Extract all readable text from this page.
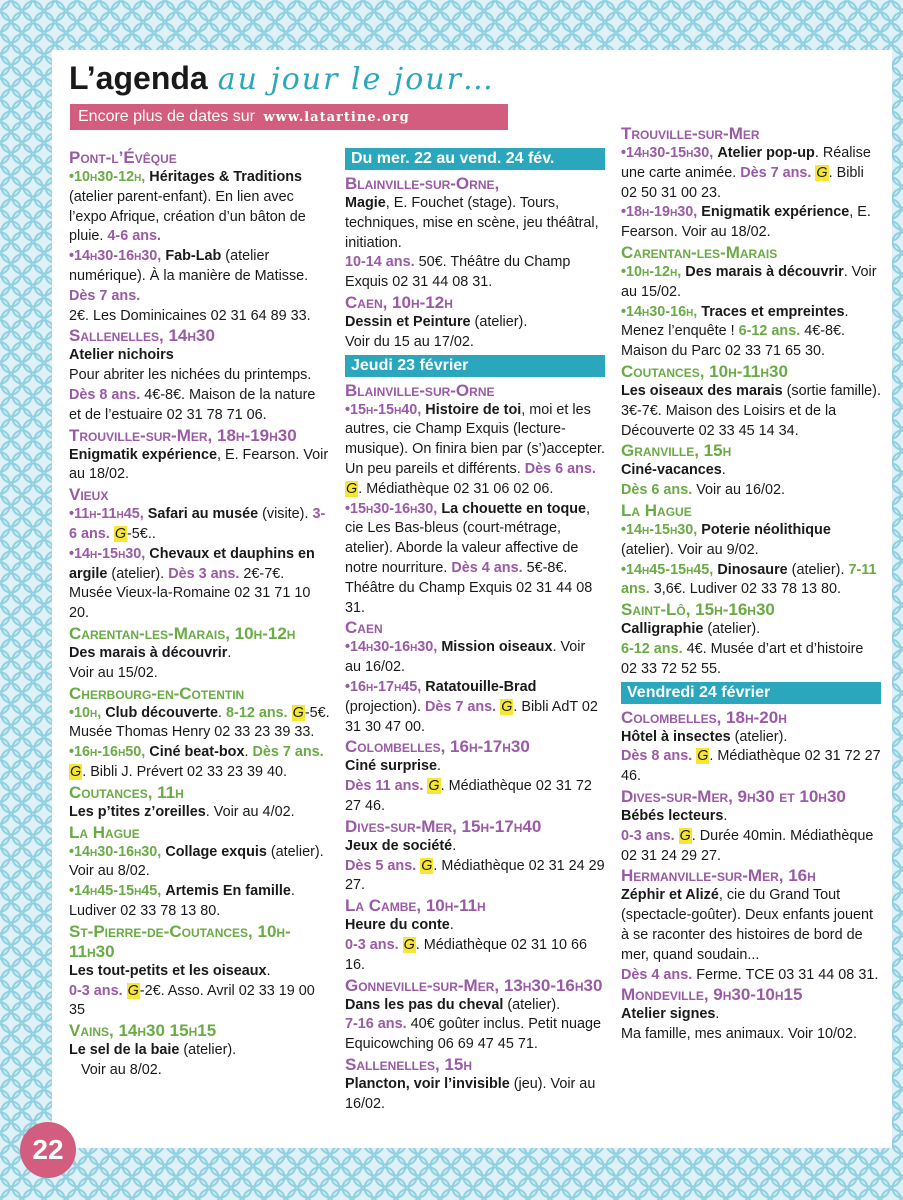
L’agenda au jour le jour…
Encore plus de dates sur www.latartine.org
Pont-l’Évêque

•10h30-12h, Héritages & Traditions (atelier parent-enfant). En lien avec l’expo Afrique, création d’un bâton de pluie. 4-6 ans.

•14h30-16h30, Fab-Lab (atelier numérique). À la manière de Matisse. Dès 7 ans.
2€. Les Dominicaines 02 31 64 89 33.

Sallenelles, 14h30

Atelier nichoirs
Pour abriter les nichées du printemps. Dès 8 ans. 4€-8€. Maison de la nature et de l’estuaire 02 31 78 71 06.

Trouville-sur-Mer, 18h-19h30

Enigmatik expérience, E. Fearson. Voir au 18/02.

Vieux

•11h-11h45, Safari au musée (visite). 3-6 ans. G-5€..

•14h-15h30, Chevaux et dauphins en argile (atelier). Dès 3 ans. 2€-7€.
Musée Vieux-la-Romaine 02 31 71 10 20.

Carentan-les-Marais, 10h-12h

Des marais à découvrir.
Voir au 15/02.

Cherbourg-en-Cotentin

•10h, Club découverte. 8-12 ans. G-5€. Musée Thomas Henry 02 33 23 39 33.

•16h-16h50, Ciné beat-box. Dès 7 ans. G. Bibli J. Prévert 02 33 23 39 40.

Coutances, 11h

Les p’tites z’oreilles. Voir au 4/02.

La Hague

•14h30-16h30, Collage exquis (atelier). Voir au 8/02.

•14h45-15h45, Artemis En famille. Ludiver 02 33 78 13 80.

St-Pierre-de-Coutances, 10h-11h30

Les tout-petits et les oiseaux.
0-3 ans. G-2€. Asso. Avril 02 33 19 00 35

Vains, 14h30 15h15

Le sel de la baie (atelier).
Voir au 8/02.

Du mer. 22 au vend. 24 fév.
Blainville-sur-Orne,

Magie, E. Fouchet (stage). Tours, techniques, mise en scène, jeu théâtral, initiation.
10-14 ans. 50€. Théâtre du Champ Exquis 02 31 44 08 31.

Caen, 10h-12h

Dessin et Peinture (atelier).
Voir du 15 au 17/02.

Jeudi 23 février
Blainville-sur-Orne

•15h-15h40, Histoire de toi, moi et les autres, cie Champ Exquis (lecture-musique). On finira bien par (s’)accepter. Un peu pareils et différents. Dès 6 ans. G. Médiathèque 02 31 06 02 06.

•15h30-16h30, La chouette en toque, cie Les Bas-bleus (court-métrage, atelier). Aborde la valeur affective de notre nourriture. Dès 4 ans. 5€-8€. Théâtre du Champ Exquis 02 31 44 08 31.

Caen

•14h30-16h30, Mission oiseaux. Voir au 16/02.

•16h-17h45, Ratatouille-Brad (projection). Dès 7 ans. G. Bibli AdT 02 31 30 47 00.

Colombelles, 16h-17h30

Ciné surprise.
Dès 11 ans. G. Médiathèque 02 31 72 27 46.

Dives-sur-Mer, 15h-17h40

Jeux de société.
Dès 5 ans. G. Médiathèque 02 31 24 29 27.

La Cambe, 10h-11h

Heure du conte.
0-3 ans. G. Médiathèque 02 31 10 66 16.

Gonneville-sur-Mer, 13h30-16h30

Dans les pas du cheval (atelier).
7-16 ans. 40€ goûter inclus. Petit nuage Equicowching 06 69 47 45 71.

Sallenelles, 15h

Plancton, voir l’invisible (jeu). Voir au 16/02.

Trouville-sur-Mer

•14h30-15h30, Atelier pop-up. Réalise une carte animée. Dès 7 ans. G. Bibli 02 50 31 00 23.

•18h-19h30, Enigmatik expérience, E. Fearson. Voir au 18/02.

Carentan-les-Marais

•10h-12h, Des marais à découvrir. Voir au 15/02.

•14h30-16h, Traces et empreintes. Menez l’enquête ! 6-12 ans. 4€-8€. Maison du Parc 02 33 71 65 30.

Coutances, 10h-11h30

Les oiseaux des marais (sortie famille).
3€-7€. Maison des Loisirs et de la Découverte 02 33 45 14 34.

Granville, 15h

Ciné-vacances.
Dès 6 ans. Voir au 16/02.

La Hague

•14h-15h30, Poterie néolithique (atelier). Voir au 9/02.

•14h45-15h45, Dinosaure (atelier). 7-11 ans. 3,6€. Ludiver 02 33 78 13 80.

Saint-Lô, 15h-16h30

Calligraphie (atelier).
6-12 ans. 4€. Musée d’art et d’histoire 02 33 72 52 55.

Vendredi 24 février
Colombelles, 18h-20h

Hôtel à insectes (atelier).
Dès 8 ans. G. Médiathèque 02 31 72 27 46.

Dives-sur-Mer, 9h30 et 10h30

Bébés lecteurs.
0-3 ans. G. Durée 40min. Médiathèque 02 31 24 29 27.

Hermanville-sur-Mer, 16h

Zéphir et Alizé, cie du Grand Tout (spectacle-goûter). Deux enfants jouent à se raconter des histoires de bord de mer, quand soudain...
Dès 4 ans. Ferme. TCE 03 31 44 08 31.

Mondeville, 9h30-10h15

Atelier signes.
Ma famille, mes animaux. Voir 10/02.

22
